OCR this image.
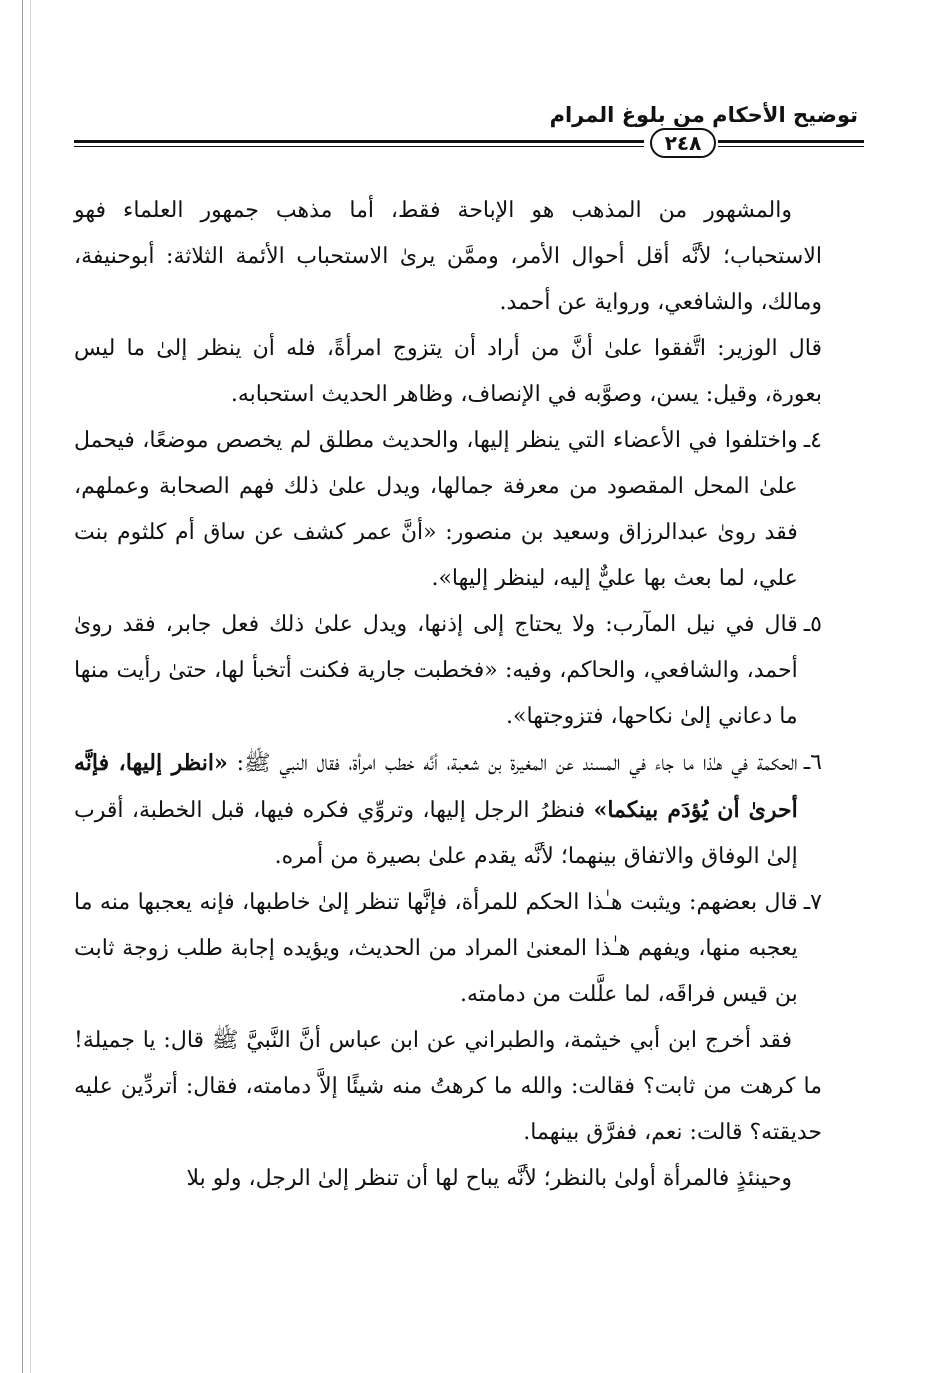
توضيح الأحكام من بلوغ المرام
٢٤٨

والمشهور من المذهب هو الإباحة فقط، أما مذهب جمهور العلماء فهو الاستحباب؛ لأنَّه أقل أحوال الأمر، وممَّن يرىٰ الاستحباب الأئمة الثلاثة: أبوحنيفة، ومالك، والشافعي، ورواية عن أحمد.

قال الوزير: اتَّفقوا علىٰ أنَّ من أراد أن يتزوج امرأةً، فله أن ينظر إلىٰ ما ليس بعورة، وقيل: يسن، وصوَّبه في الإنصاف، وظاهر الحديث استحبابه.

٤ـ
واختلفوا في الأعضاء التي ينظر إليها، والحديث مطلق لم يخصص موضعًا، فيحمل علىٰ المحل المقصود من معرفة جمالها، ويدل علىٰ ذلك فهم الصحابة وعملهم، فقد روىٰ عبدالرزاق وسعيد بن منصور: «أنَّ عمر كشف عن ساق أم كلثوم بنت علي، لما بعث بها عليٌّ إليه، لينظر إليها».
٥ـ
قال في نيل المآرب: ولا يحتاج إلى إذنها، ويدل علىٰ ذلك فعل جابر، فقد روىٰ أحمد، والشافعي، والحاكم، وفيه: «فخطبت جارية فكنت أتخبأ لها، حتىٰ رأيت منها ما دعاني إلىٰ نكاحها، فتزوجتها».
٦ـ
الحكمة في هـٰذا ما جاء في المسند عن المغيرة بن شعبة، أنَّه خطب امرأة، فقال النبي ﷺ: «انظر إليها، فإنَّه أحرىٰ أن يُؤدَم بينكما» فنظرُ الرجل إليها، وتروِّي فكره فيها، قبل الخطبة، أقرب إلىٰ الوفاق والاتفاق بينهما؛ لأنَّه يقدم علىٰ بصيرة من أمره.
٧ـ
قال بعضهم: ويثبت هـٰذا الحكم للمرأة، فإنَّها تنظر إلىٰ خاطبها، فإنه يعجبها منه ما يعجبه منها، ويفهم هـٰذا المعنىٰ المراد من الحديث، ويؤيده إجابة طلب زوجة ثابت بن قيس فراقَه، لما علَّلت من دمامته.

فقد أخرج ابن أبي خيثمة، والطبراني عن ابن عباس أنَّ النَّبيَّ ﷺ قال: يا جميلة! ما كرهت من ثابت؟ فقالت: والله ما كرهتُ منه شيئًا إلاَّ دمامته، فقال: أتردِّين عليه حديقته؟ قالت: نعم، ففرَّق بينهما.

وحينئذٍ فالمرأة أولىٰ بالنظر؛ لأنَّه يباح لها أن تنظر إلىٰ الرجل، ولو بلا
